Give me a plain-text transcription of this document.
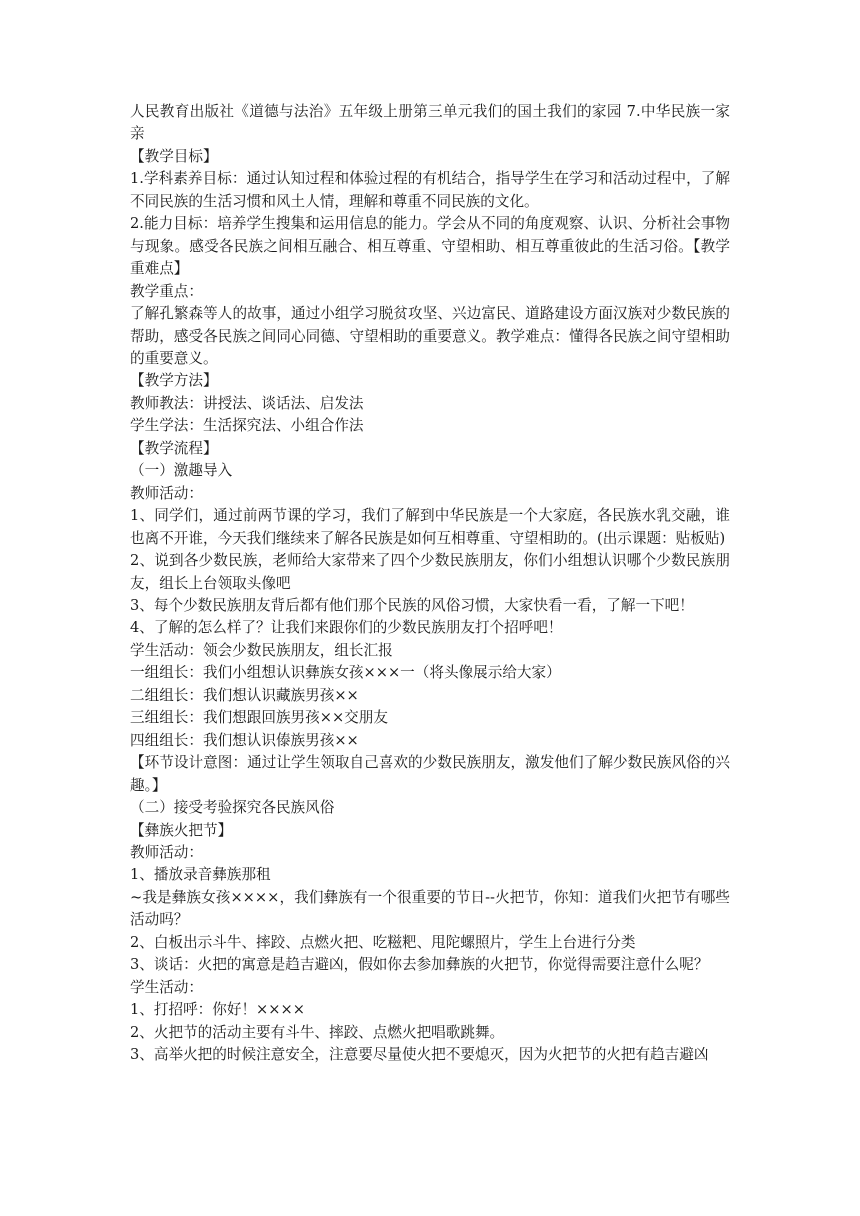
人民教育出版社《道德与法治》五年级上册第三单元我们的国土我们的家园 7.中华民族一家亲

【教学目标】

1.学科素养目标：通过认知过程和体验过程的有机结合，指导学生在学习和活动过程中，了解不同民族的生活习惯和风土人情，理解和尊重不同民族的文化。

2.能力目标：培养学生搜集和运用信息的能力。学会从不同的角度观察、认识、分析社会事物与现象。感受各民族之间相互融合、相互尊重、守望相助、相互尊重彼此的生活习俗。【教学重难点】

教学重点：

了解孔繁森等人的故事，通过小组学习脱贫攻坚、兴边富民、道路建设方面汉族对少数民族的帮助，感受各民族之间同心同德、守望相助的重要意义。教学难点：懂得各民族之间守望相助的重要意义。

【教学方法】

教师教法：讲授法、谈话法、启发法

学生学法：生活探究法、小组合作法

【教学流程】

（一）激趣导入

教师活动：

1、同学们，通过前两节课的学习，我们了解到中华民族是一个大家庭，各民族水乳交融，谁也离不开谁，今天我们继续来了解各民族是如何互相尊重、守望相助的。(出示课题：贴板贴)

2、说到各少数民族，老师给大家带来了四个少数民族朋友，你们小组想认识哪个少数民族朋友，组长上台领取头像吧

3、每个少数民族朋友背后都有他们那个民族的风俗习惯，大家快看一看，了解一下吧！

4、了解的怎么样了？让我们来跟你们的少数民族朋友打个招呼吧！

学生活动：领会少数民族朋友，组长汇报

一组组长：我们小组想认识彝族女孩×××一（将头像展示给大家）

二组组长：我们想认识藏族男孩××

三组组长：我们想跟回族男孩××交朋友

四组组长：我们想认识傣族男孩××

【环节设计意图：通过让学生领取自己喜欢的少数民族朋友，激发他们了解少数民族风俗的兴趣。】

（二）接受考验探究各民族风俗

【彝族火把节】

教师活动：

1、播放录音彝族那租

~我是彝族女孩××××，我们彝族有一个很重要的节日--火把节，你知：道我们火把节有哪些活动吗？

2、白板出示斗牛、摔跤、点燃火把、吃糍粑、甩陀螺照片，学生上台进行分类

3、谈话：火把的寓意是趋吉避凶，假如你去参加彝族的火把节，你觉得需要注意什么呢？

学生活动：

1、打招呼：你好！××××

2、火把节的活动主要有斗牛、摔跤、点燃火把唱歌跳舞。

3、高举火把的时候注意安全，注意要尽量使火把不要熄灭，因为火把节的火把有趋吉避凶
